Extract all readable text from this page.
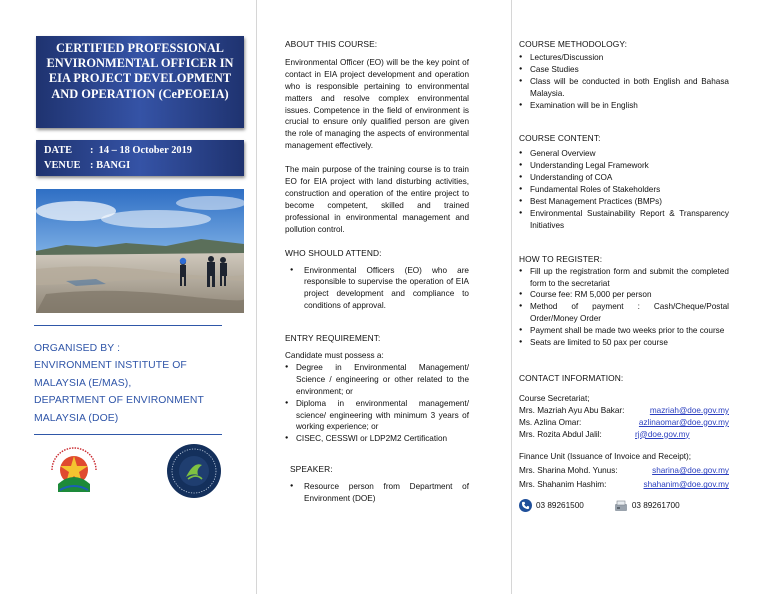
CERTIFIED PROFESSIONAL ENVIRONMENTAL OFFICER IN EIA PROJECT DEVELOPMENT AND OPERATION (CePEOEIA)
DATE :  14 – 18 October 2019
VENUE : BANGI
ORGANISED BY :
ENVIRONMENT INSTITUTE OF
MALAYSIA (E/MAS),
DEPARTMENT OF ENVIRONMENT
MALAYSIA (DOE)
ABOUT THIS COURSE:
Environmental Officer (EO) will be the key point of contact in EIA project development and operation who is responsible pertaining to environmental matters and resolve complex environmental issues. Competence in the field of environment is crucial to ensure only qualified person are given the role of managing the aspects of environmental management effectively.
The main purpose of the training course is to train EO for EIA project with land disturbing activities, construction and operation of the entire project to become competent, skilled and trained professional in environmental management and pollution control.
WHO SHOULD ATTEND:
● Environmental Officers (EO) who are responsible to supervise the operation of EIA project development and compliance to conditions of approval.
ENTRY REQUIREMENT:
Candidate must possess a:
● Degree in Environmental Management/ Science / engineering or other related to the environment; or
● Diploma in environmental management/ science/ engineering with minimum 3 years of working experience; or
● CISEC, CESSWI or LDP2M2 Certification
SPEAKER:
● Resource person from Department of Environment (DOE)
COURSE METHODOLOGY:
● Lectures/Discussion
● Case Studies
● Class will be conducted in both English and Bahasa Malaysia.
● Examination will be in English
COURSE CONTENT:
● General Overview
● Understanding Legal Framework
● Understanding of COA
● Fundamental Roles of Stakeholders
● Best Management Practices (BMPs)
● Environmental Sustainability Report & Transparency Initiatives
HOW TO REGISTER:
● Fill up the registration form and submit the completed form to the secretariat
● Course fee: RM 5,000 per person
● Method of payment : Cash/Cheque/Postal Order/Money Order
● Payment shall be made two weeks prior to the course
● Seats are limited to 50 pax per course
CONTACT INFORMATION:
Course Secretariat;
Mrs. Mazriah Ayu Abu Bakar:	mazriah@doe.gov.my
Ms. Azlina Omar:	azlinaomar@doe.gov.my
Mrs. Rozita Abdul Jalil:	rj@doe.gov.my
Finance Unit (Issuance of Invoice and Receipt);
Mrs. Sharina Mohd. Yunus:	sharina@doe.gov.my
Mrs. Shahanim Hashim:	shahanim@doe.gov.my
03 89261500	03 89261700
